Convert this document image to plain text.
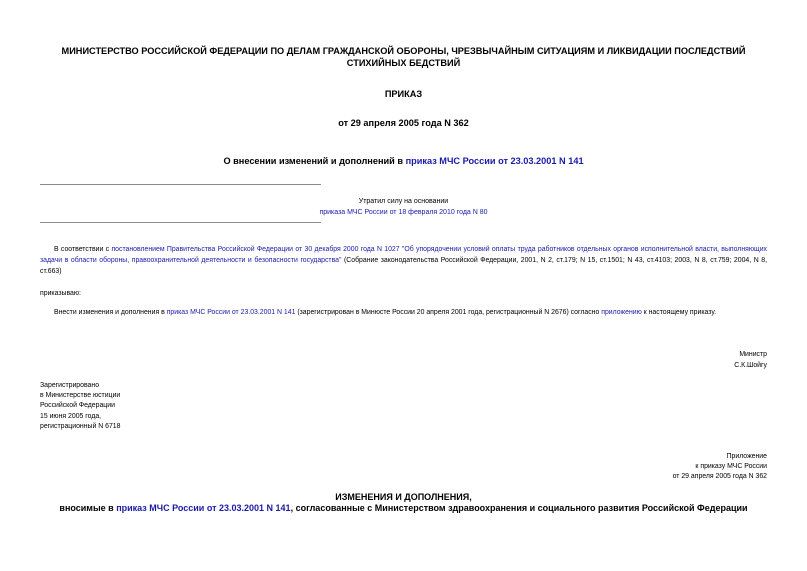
МИНИСТЕРСТВО РОССИЙСКОЙ ФЕДЕРАЦИИ ПО ДЕЛАМ ГРАЖДАНСКОЙ ОБОРОНЫ, ЧРЕЗВЫЧАЙНЫМ СИТУАЦИЯМ И ЛИКВИДАЦИИ ПОСЛЕДСТВИЙ СТИХИЙНЫХ БЕДСТВИЙ
ПРИКАЗ
от 29 апреля 2005 года N 362
О внесении изменений и дополнений в приказ МЧС России от 23.03.2001 N 141
Утратил силу на основании
приказа МЧС России от 18 февраля 2010 года N 80
В соответствии с постановлением Правительства Российской Федерации от 30 декабря 2000 года N 1027 "Об упорядочении условий оплаты труда работников отдельных органов исполнительной власти, выполняющих задачи в области обороны, правоохранительной деятельности и безопасности государства" (Собрание законодательства Российской Федерации, 2001, N 2, ст.179; N 15, ст.1501; N 43, ст.4103; 2003, N 8, ст.759; 2004, N 8, ст.663)
приказываю:
Внести изменения и дополнения в приказ МЧС России от 23.03.2001 N 141 (зарегистрирован в Минюсте России 20 апреля 2001 года, регистрационный N 2676) согласно приложению к настоящему приказу.
Министр
С.К.Шойгу
Зарегистрировано
в Министерстве юстиции
Российской Федерации
15 июня 2005 года,
регистрационный N 6718
Приложение
к приказу МЧС России
от 29 апреля 2005 года N 362
ИЗМЕНЕНИЯ И ДОПОЛНЕНИЯ,
вносимые в приказ МЧС России от 23.03.2001 N 141, согласованные с Министерством здравоохранения и социального развития Российской Федерации
